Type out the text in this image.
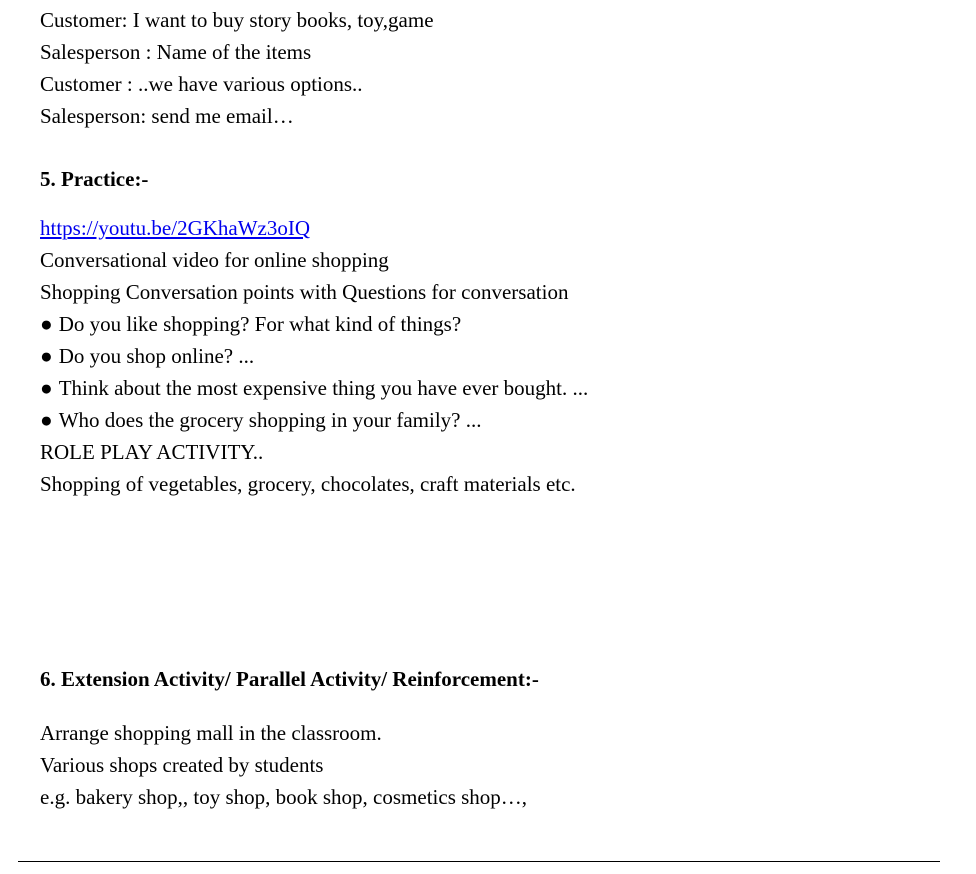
Customer: I want to buy story books, toy,game
Salesperson : Name of the items
Customer : ..we have various options..
Salesperson: send me email…
5. Practice:-
https://youtu.be/2GKhaWz3oIQ
Conversational video for online shopping
Shopping Conversation points with Questions for conversation
● Do you like shopping? For what kind of things?
● Do you shop online? ...
● Think about the most expensive thing you have ever bought. ...
● Who does the grocery shopping in your family? ...
ROLE PLAY ACTIVITY..
Shopping of vegetables, grocery, chocolates, craft materials etc.
6. Extension Activity/ Parallel Activity/ Reinforcement:-
Arrange shopping mall in the classroom.
Various shops created by students
e.g. bakery shop,, toy shop, book shop, cosmetics shop…,
